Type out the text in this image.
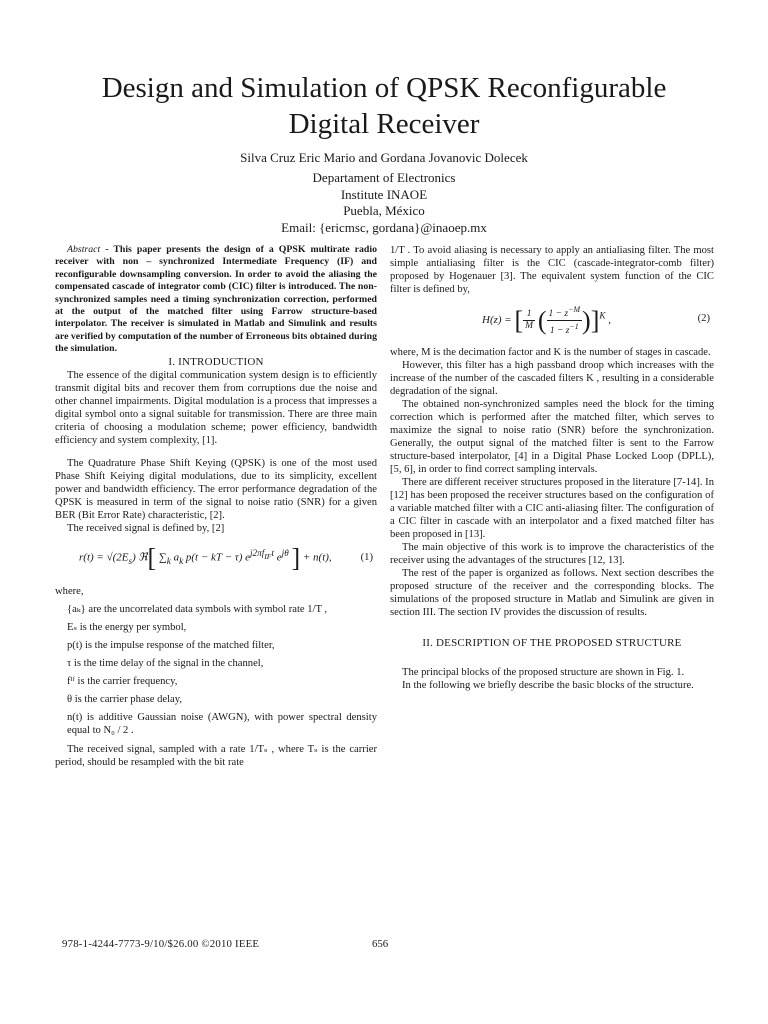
Design and Simulation of QPSK Reconfigurable Digital Receiver
Silva Cruz Eric Mario and Gordana Jovanovic Dolecek
Departament of Electronics
Institute INAOE
Puebla, México
Email: {ericmsc, gordana}@inaoep.mx

Abstract - This paper presents the design of a QPSK multirate radio receiver with non – synchronized Intermediate Frequency (IF) and reconfigurable downsampling conversion. In order to avoid the aliasing the compensated cascade of integrator comb (CIC) filter is introduced. The non-synchronized samples need a timing synchronization correction, performed at the output of the matched filter using Farrow structure-based interpolator. The receiver is simulated in Matlab and Simulink and results are verified by computation of the number of Erroneous bits obtained during the simulation.

I. INTRODUCTION

The essence of the digital communication system design is to efficiently transmit digital bits and recover them from corruptions due the noise and other channel impairments. Digital modulation is a process that impresses a digital symbol onto a signal suitable for transmission. There are three main criteria of choosing a modulation scheme; power efficiency, bandwidth efficiency and system complexity, [1].

The Quadrature Phase Shift Keying (QPSK) is one of the most used Phase Shift Keiying digital modulations, due to its simplicity, excellent power and bandwidth efficiency. The error performance degradation of the QPSK is measured in term of the signal to noise ratio (SNR) for a given BER (Bit Error Rate) characteristic, [2].

The received signal is defined by, [2]

$r(t) = √(2E_s)$ ℜ[ $\sum_k$ $a_k$ p(t − kT − τ) $e^{j2\pi f_{IF}t}$ $e^{j\theta}$ ] + n(t),	(1)

where,

{aₖ} are the uncorrelated data symbols with symbol rate 1/T ,

Eₛ is the energy per symbol,

p(t) is the impulse response of the matched filter,

τ is the time delay of the signal in the channel,

fᴵᶠ is the carrier frequency,

θ is the carrier phase delay,

n(t) is additive Gaussian noise (AWGN), with power spectral density equal to N₀ / 2 .

The received signal, sampled with a rate 1/Tₛ , where Tₛ is the carrier period, should be resampled with the bit rate

1/T . To avoid aliasing is necessary to apply an antialiasing filter. The most simple antialiasing filter is the CIC (cascade-integrator-comb filter) proposed by Hogenauer [3]. The equivalent system function of the CIC filter is defined by,

H(z) = [ $\frac{1}{M}$ ( $\frac{1 - z^{-M}}{1 - z^{-1}} )]^K$ ,	(2)

where, M is the decimation factor and K is the number of stages in cascade.

However, this filter has a high passband droop which increases with the increase of the number of the cascaded filters K , resulting in a considerable degradation of the signal.

The obtained non-synchronized samples need the block for the timing correction which is performed after the matched filter, which serves to maximize the signal to noise ratio (SNR) before the synchronization. Generally, the output signal of the matched filter is sent to the Farrow structure-based interpolator, [4] in a Digital Phase Locked Loop (DPLL), [5, 6], in order to find correct sampling intervals.

There are different receiver structures proposed in the literature [7-14]. In [12] has been proposed the receiver structures based on the configuration of a variable matched filter with a CIC anti-aliasing filter. The configuration of a CIC filter in cascade with an interpolator and a fixed matched filter has been proposed in [13].

The main objective of this work is to improve the characteristics of the receiver using the advantages of the structures [12, 13].

The rest of the paper is organized as follows. Next section describes the proposed structure of the receiver and the corresponding blocks. The simulations of the proposed structure in Matlab and Simulink are given in section III. The section IV provides the discussion of results.

II. DESCRIPTION OF THE PROPOSED STRUCTURE

The principal blocks of the proposed structure are shown in Fig. 1.

In the following we briefly describe the basic blocks of the structure.

978-1-4244-7773-9/10/$26.00 ©2010 IEEE	656
